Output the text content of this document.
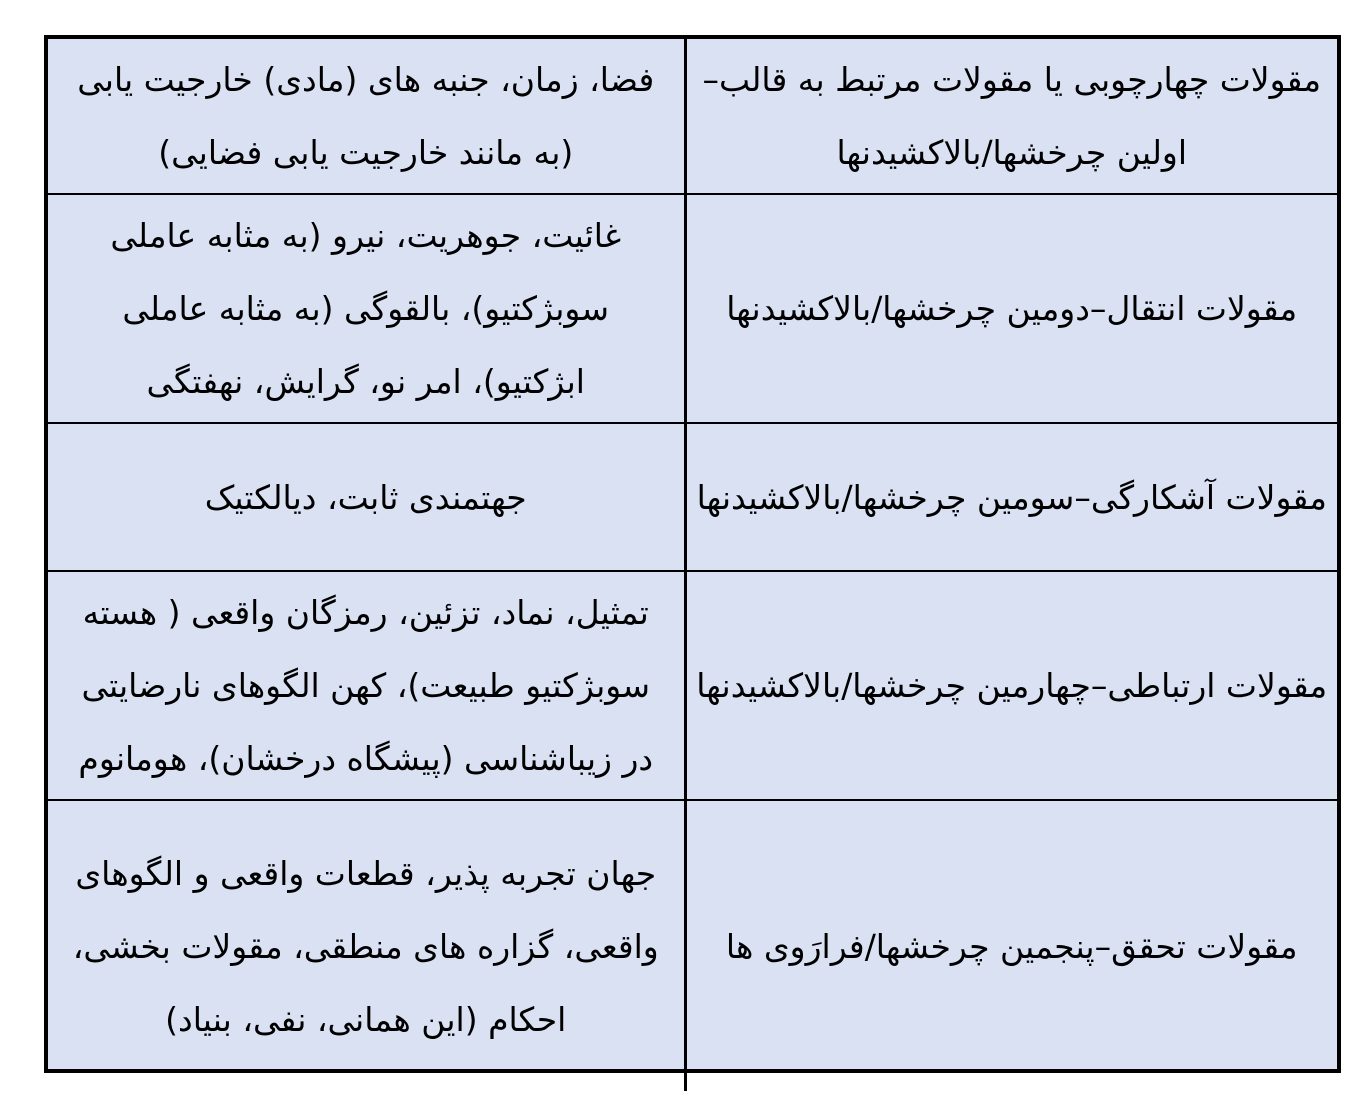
مقولات چهارچوبی یا مقولات مرتبط به قالب–اولین چرخشها/بالاکشیدنها	فضا، زمان، جنبه های (مادی) خارجیت یابی (به مانند خارجیت یابی فضایی)
مقولات انتقال–دومین چرخشها/بالاکشیدنها	غائیت، جوهریت، نیرو (به مثابه عاملی سوبژکتیو)، بالقوگی (به مثابه عاملی ابژکتیو)، امر نو، گرایش، نهفتگی
مقولات آشکارگی–سومین چرخشها/بالاکشیدنها	جهتمندی ثابت، دیالکتیک
مقولات ارتباطی–چهارمین چرخشها/بالاکشیدنها	تمثیل، نماد، تزئین، رمزگان واقعی ( هسته سوبژکتیو طبیعت)، کهن الگوهای نارضایتی در زیباشناسی (پیشگاه درخشان)، هومانوم
مقولات تحقق–پنجمین چرخشها/فرارَوی ها	جهان تجربه پذیر، قطعات واقعی و الگوهای واقعی، گزاره های منطقی، مقولات بخشی، احکام (این همانی، نفی، بنیاد)
